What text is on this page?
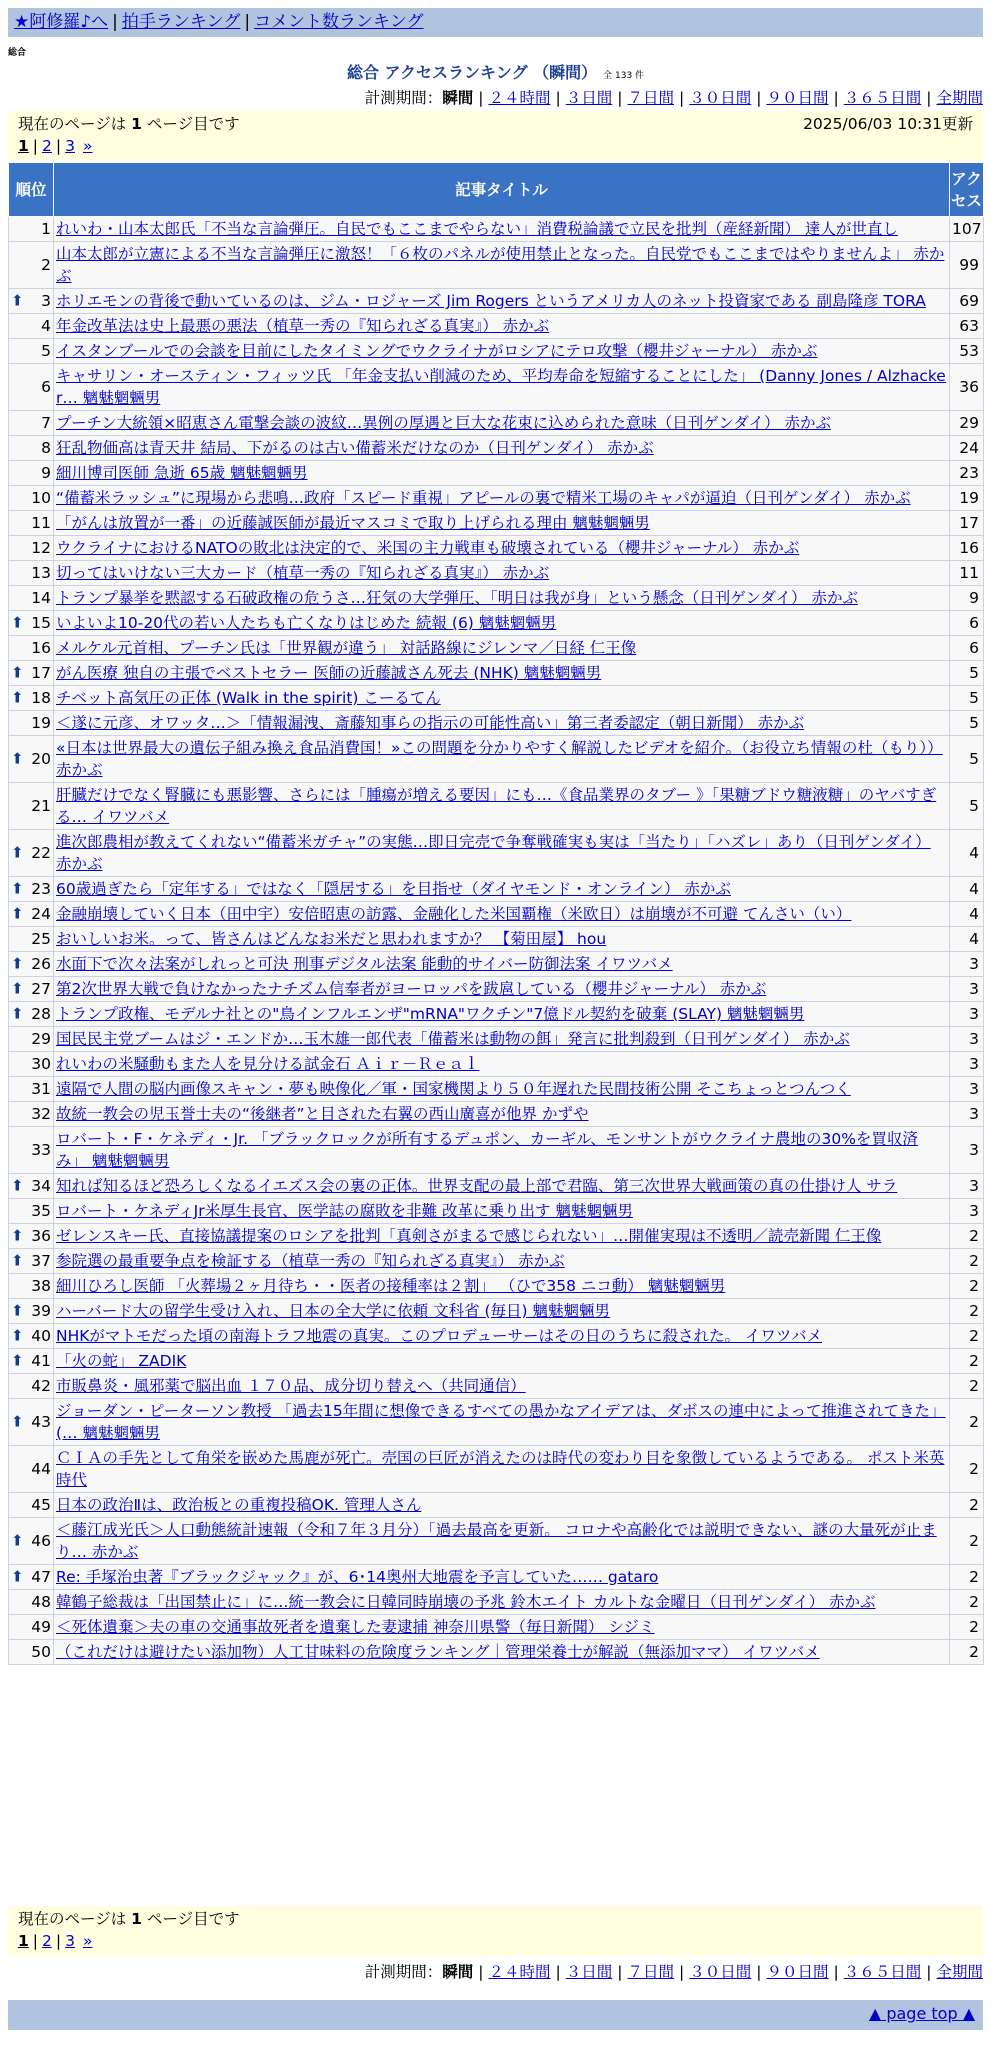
★阿修羅♪へ | 拍手ランキング | コメント数ランキング
総合
総合 アクセスランキング （瞬間） 全 133 件
計測期間：瞬間 | ２４時間 | ３日間 | ７日間 | ３０日間 | ９０日間 | ３６５日間 | 全期間
現在のページは 1 ページ目です	2025/06/03 10:31更新
1 | 2 | 3 »
順位	記事タイトル	アクセス
1	れいわ・山本太郎氏「不当な言論弾圧。自民でもここまでやらない」消費税論議で立民を批判（産経新聞） 達人が世直し	107
2	山本太郎が立憲による不当な言論弾圧に激怒！「６枚のパネルが使用禁止となった。自民党でもここまではやりませんよ」 赤かぶ	99

⬆ 3	ホリエモンの背後で動いているのは、ジム・ロジャーズ Jim Rogers というアメリカ人のネット投資家である 副島隆彦 TORA	69
4	年金改革法は史上最悪の悪法（植草一秀の『知られざる真実』） 赤かぶ	63
5	イスタンブールでの会談を目前にしたタイミングでウクライナがロシアにテロ攻撃（櫻井ジャーナル） 赤かぶ	53
6	キャサリン・オースティン・フィッツ氏 「年金支払い削減のため、平均寿命を短縮することにした」 (Danny Jones / Alzhacker… 魑魅魍魎男	36
7	プーチン大統領×昭恵さん電撃会談の波紋…異例の厚遇と巨大な花束に込められた意味（日刊ゲンダイ） 赤かぶ	29
8	狂乱物価高は青天井 結局、下がるのは古い備蓄米だけなのか（日刊ゲンダイ） 赤かぶ	24
9	細川博司医師 急逝 65歳 魑魅魍魎男	23
10	“備蓄米ラッシュ”に現場から悲鳴…政府「スピード重視」アピールの裏で精米工場のキャパが逼迫（日刊ゲンダイ） 赤かぶ	19
11	「がんは放置が一番」の近藤誠医師が最近マスコミで取り上げられる理由 魑魅魍魎男	17
12	ウクライナにおけるNATOの敗北は決定的で、米国の主力戦車も破壊されている（櫻井ジャーナル） 赤かぶ	16
13	切ってはいけない三大カード（植草一秀の『知られざる真実』） 赤かぶ	11
14	トランプ暴挙を黙認する石破政権の危うさ…狂気の大学弾圧、「明日は我が身」という懸念（日刊ゲンダイ） 赤かぶ	9

⬆ 15	いよいよ10-20代の若い人たちも亡くなりはじめた 続報 (6) 魑魅魍魎男	6
16	メルケル元首相、プーチン氏は「世界観が違う」 対話路線にジレンマ／日経 仁王像	6

⬆ 17	がん医療 独自の主張でベストセラー 医師の近藤誠さん死去 (NHK) 魑魅魍魎男	5

⬆ 18	チベット高気圧の正体 (Walk in the spirit) こーるてん	5
19	＜遂に元彦、オワッタ…＞「情報漏洩、斎藤知事らの指示の可能性高い」第三者委認定（朝日新聞） 赤かぶ	5

⬆ 20	«日本は世界最大の遺伝子組み換え食品消費国！»この問題を分かりやすく解説したビデオを紹介。（お役立ち情報の杜（もり）） 赤かぶ	5
21	肝臓だけでなく腎臓にも悪影響、さらには「腫瘍が増える要因」にも…《食品業界のタブー 》「果糖ブドウ糖液糖」のヤバすぎる… イワツバメ	5

⬆ 22	進次郎農相が教えてくれない“備蓄米ガチャ”の実態…即日完売で争奪戦確実も実は「当たり」「ハズレ」あり（日刊ゲンダイ） 赤かぶ	4

⬆ 23	60歳過ぎたら「定年する」ではなく「隠居する」を目指せ（ダイヤモンド・オンライン） 赤かぶ	4

⬆ 24	金融崩壊していく日本（田中宇）安倍昭恵の訪露、金融化した米国覇権（米欧日）は崩壊が不可避 てんさい（い）	4
25	おいしいお米。って、皆さんはどんなお米だと思われますか？ 【菊田屋】 hou	4

⬆ 26	水面下で次々法案がしれっと可決 刑事デジタル法案 能動的サイバー防御法案 イワツバメ	3

⬆ 27	第2次世界大戦で負けなかったナチズム信奉者がヨーロッパを跋扈している（櫻井ジャーナル） 赤かぶ	3

⬆ 28	トランプ政権、モデルナ社との"鳥インフルエンザ"mRNA"ワクチン"7億ドル契約を破棄 (SLAY) 魑魅魍魎男	3
29	国民民主党ブームはジ・エンドか…玉木雄一郎代表「備蓄米は動物の餌」発言に批判殺到（日刊ゲンダイ） 赤かぶ	3
30	れいわの米騒動もまた人を見分ける試金石 Ａｉｒ－Ｒｅａｌ	3
31	遠隔で人間の脳内画像スキャン・夢も映像化／軍・国家機関より５０年遅れた民間技術公開 そこちょっとつんつく	3
32	故統一教会の児玉誉士夫の“後継者”と目された右翼の西山廣喜が他界 かずや	3
33	ロバート・F・ケネディ・Jr. 「ブラックロックが所有するデュポン、カーギル、モンサントがウクライナ農地の30%を買収済み」 魑魅魍魎男	3

⬆ 34	知れば知るほど恐ろしくなるイエズス会の裏の正体。世界支配の最上部で君臨、第三次世界大戦画策の真の仕掛け人 サラ	3
35	ロバート・ケネディJr米厚生長官、医学誌の腐敗を非難 改革に乗り出す 魑魅魍魎男	3

⬆ 36	ゼレンスキー氏、直接協議提案のロシアを批判「真剣さがまるで感じられない」…開催実現は不透明／読売新聞 仁王像	2

⬆ 37	参院選の最重要争点を検証する（植草一秀の『知られざる真実』） 赤かぶ	2
38	細川ひろし医師 「火葬場２ヶ月待ち・・医者の接種率は２割」 （ひで358 ニコ動） 魑魅魍魎男	2

⬆ 39	ハーバード大の留学生受け入れ、日本の全大学に依頼 文科省 (毎日) 魑魅魍魎男	2

⬆ 40	NHKがマトモだった頃の南海トラフ地震の真実。このプロデューサーはその日のうちに殺された。 イワツバメ	2

⬆ 41	「火の蛇」 ZADIK	2
42	市販鼻炎・風邪薬で脳出血 １７０品、成分切り替えへ（共同通信）	2

⬆ 43	ジョーダン・ピーターソン教授 「過去15年間に想像できるすべての愚かなアイデアは、ダボスの連中によって推進されてきた」 (… 魑魅魍魎男	2
44	ＣＩＡの手先として角栄を嵌めた馬鹿が死亡。売国の巨匠が消えたのは時代の変わり目を象徴しているようである。 ポスト米英時代	2
45	日本の政治Ⅱは、政治板との重複投稿OK. 管理人さん	2

⬆ 46	＜藤江成光氏＞人口動態統計速報（令和７年３月分）「過去最高を更新。 コロナや高齢化では説明できない、謎の大量死が止まり… 赤かぶ	2

⬆ 47	Re: 手塚治虫著『ブラックジャック』が、6･14奥州大地震を予言していた…… gataro	2
48	韓鶴子総裁は「出国禁止に」に…統一教会に日韓同時崩壊の予兆 鈴木エイト カルトな金曜日（日刊ゲンダイ） 赤かぶ	2
49	＜死体遺棄＞夫の車の交通事故死者を遺棄した妻逮捕 神奈川県警（毎日新聞） シジミ	2
50	（これだけは避けたい添加物）人工甘味料の危険度ランキング｜管理栄養士が解説（無添加ママ） イワツバメ	2
現在のページは 1 ページ目です
1 | 2 | 3 »
計測期間：瞬間 | ２４時間 | ３日間 | ７日間 | ３０日間 | ９０日間 | ３６５日間 | 全期間
▲ page top ▲
